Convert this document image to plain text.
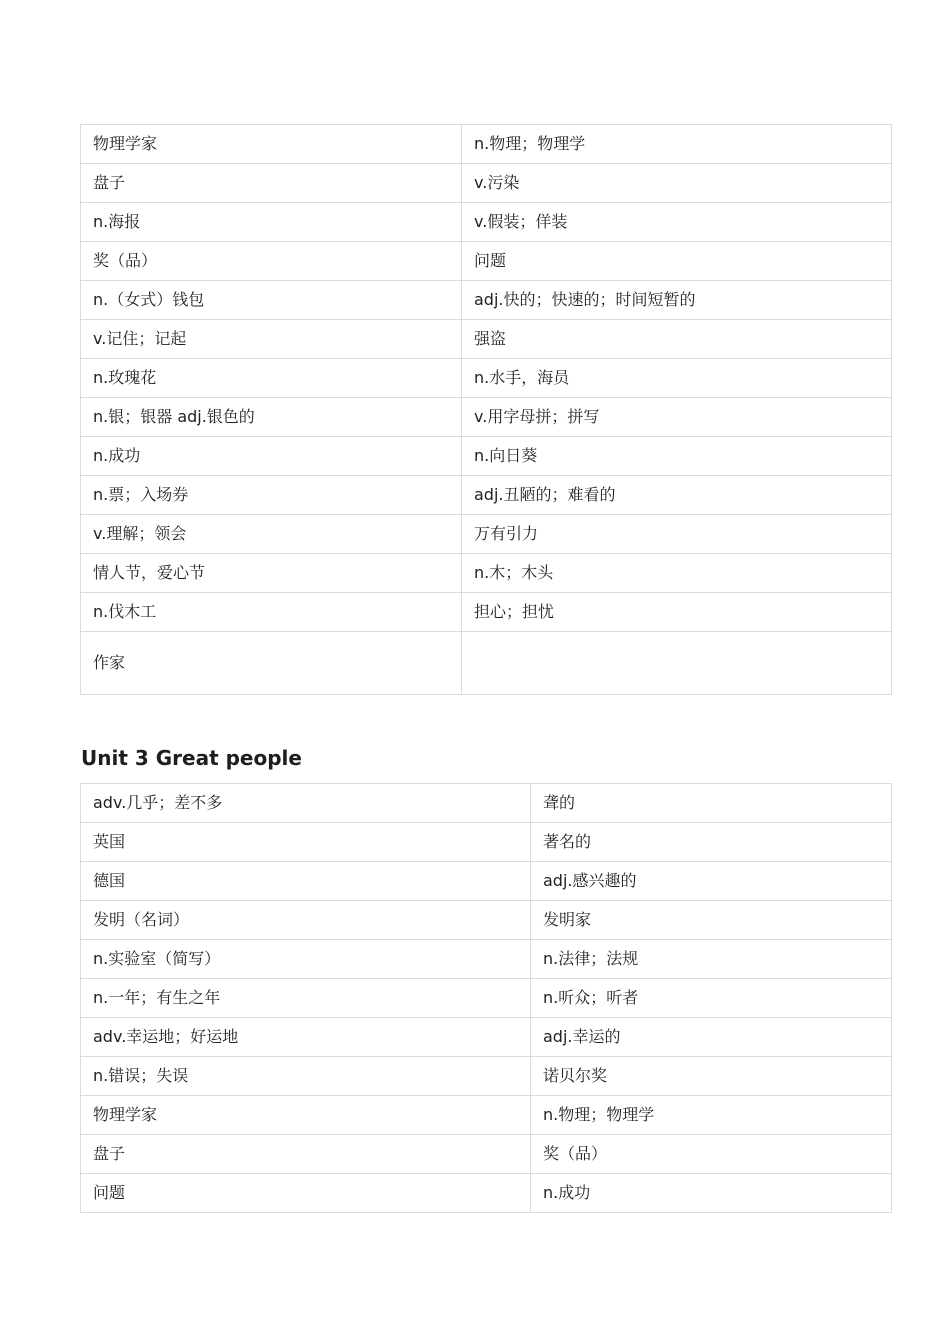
物理学家	n.物理；物理学
盘子	v.污染
n.海报	v.假装；佯装
奖（品）	问题
n.（女式）钱包	adj.快的；快速的；时间短暂的
v.记住；记起	强盗
n.玫瑰花	n.水手，海员
n.银；银器 adj.银色的	v.用字母拼；拼写
n.成功	n.向日葵
n.票；入场券	adj.丑陋的；难看的
v.理解；领会	万有引力
情人节，爱心节	n.木；木头
n.伐木工	担心；担忧
作家	
Unit 3 Great people
adv.几乎；差不多	聋的
英国	著名的
德国	adj.感兴趣的
发明（名词）	发明家
n.实验室（简写）	n.法律；法规
n.一年；有生之年	n.听众；听者
adv.幸运地；好运地	adj.幸运的
n.错误；失误	诺贝尔奖
物理学家	n.物理；物理学
盘子	奖（品）
问题	n.成功
